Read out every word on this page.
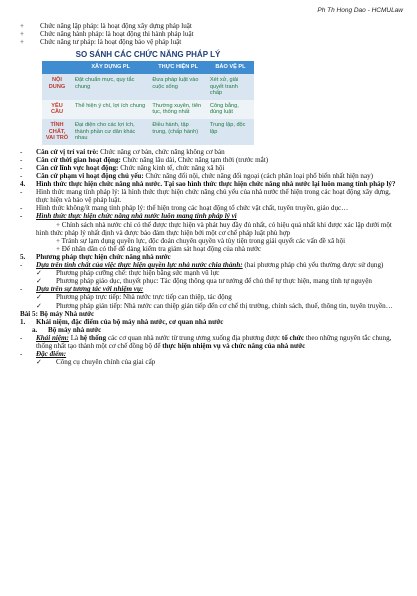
Ph Th Hong Dao - HCMULaw
+	Chức năng lập pháp: là hoạt động xây dựng pháp luật
+	Chức năng hành pháp: là hoạt động thi hành pháp luật
+	Chức năng tư pháp: là hoạt động bảo vệ pháp luật
SO SÁNH CÁC CHỨC NĂNG PHÁP LÝ
	XÂY DỰNG PL	THỰC HIỆN PL	BẢO VỆ PL
NỘI DUNG	Đặt chuẩn mực, quy tắc chung	Đưa pháp luật vào cuộc sống	Xét xử, giải quyết tranh chấp
YÊU CẦU	Thể hiện ý chí, lợi ích chung	Thường xuyên, tiên tục, thống nhất	Công bằng, đúng luật
TÍNH CHẤT, VAI TRÒ	Đại diện cho các lợi ích, thành phần cư dân khác nhau	Điều hành, tập trung, (chấp hành)	Trung lập, độc lập
-	Căn cứ vị trí vai trò: Chức năng cơ bản, chức năng không cơ bản
-	Căn cứ thời gian hoạt động: Chức năng lâu dài, Chức năng tạm thời (trước mắt)
-	Căn cứ lĩnh vực hoạt động: Chức năng kinh tế, chức năng xã hội
-	Căn cứ phạm vi hoạt động chủ yếu: Chức năng đối nội, chức năng đối ngoại (cách phân loại phổ biến nhất hiện nay)
4.	Hình thức thực hiện chức năng nhà nước. Tại sao hình thức thực hiện chức năng nhà nước lại luôn mang tính pháp lý?
-	Hình thức mang tính pháp lý: là hình thức thực hiện chức năng chủ yếu của nhà nước thể hiện trong các hoạt động xây dựng, thực hiện và bảo vệ pháp luật.
-	Hình thức không/ít mang tính pháp lý: thể hiện trong các hoạt động tổ chức vật chất, tuyên truyền, giáo dục…
-	Hình thức thực hiện chức năng nhà nước luôn mang tính pháp lý vì
+ Chính sách nhà nước chỉ có thể được thực hiện và phát huy đầy đủ nhất, có hiệu quả nhất khi được xác lập dưới một hình thức pháp lý nhất định và được bảo đảm thực hiện bởi một cơ chế pháp luật phù hợp
+ Tránh sự lạm dụng quyền lực, độc đoán chuyên quyền và tùy tiện trong giải quyết các vấn đề xã hội
+ Để nhân dân có thể dễ dàng kiểm tra giám sát hoạt động của nhà nước
5.	Phương pháp thực hiện chức năng nhà nước
-	Dựa trên tính chất của việc thực hiện quyền lực nhà nước chia thành: (hai phương pháp chủ yếu thường được sử dụng)
✓	Phương pháp cưỡng chế: thực hiện bằng sức mạnh vũ lực
✓	Phương pháp giáo dục, thuyết phục: Tác động thông qua tư tưởng để chủ thể tự thực hiện, mang tính tự nguyện
-	Dựa trên sự tương tác với nhiệm vụ:
✓	Phương pháp trực tiếp: Nhà nước trực tiếp can thiệp, tác động
✓	Phương pháp gián tiếp: Nhà nước can thiệp gián tiếp đến cơ chế thị trường, chính sách, thuế, thông tin, tuyên truyền…
Bài 5: Bộ máy Nhà nước
1.	Khái niệm, đặc điểm của bộ máy nhà nước, cơ quan nhà nước
a.	Bộ máy nhà nước
-	Khái niệm: Là hệ thống các cơ quan nhà nước từ trung ương xuống địa phương được tổ chức theo những nguyên tắc chung, thống nhất tạo thành một cơ chế đồng bộ để thực hiện nhiệm vụ và chức năng của nhà nước
-	Đặc điểm:
✓	Công cụ chuyên chính của giai cấp
